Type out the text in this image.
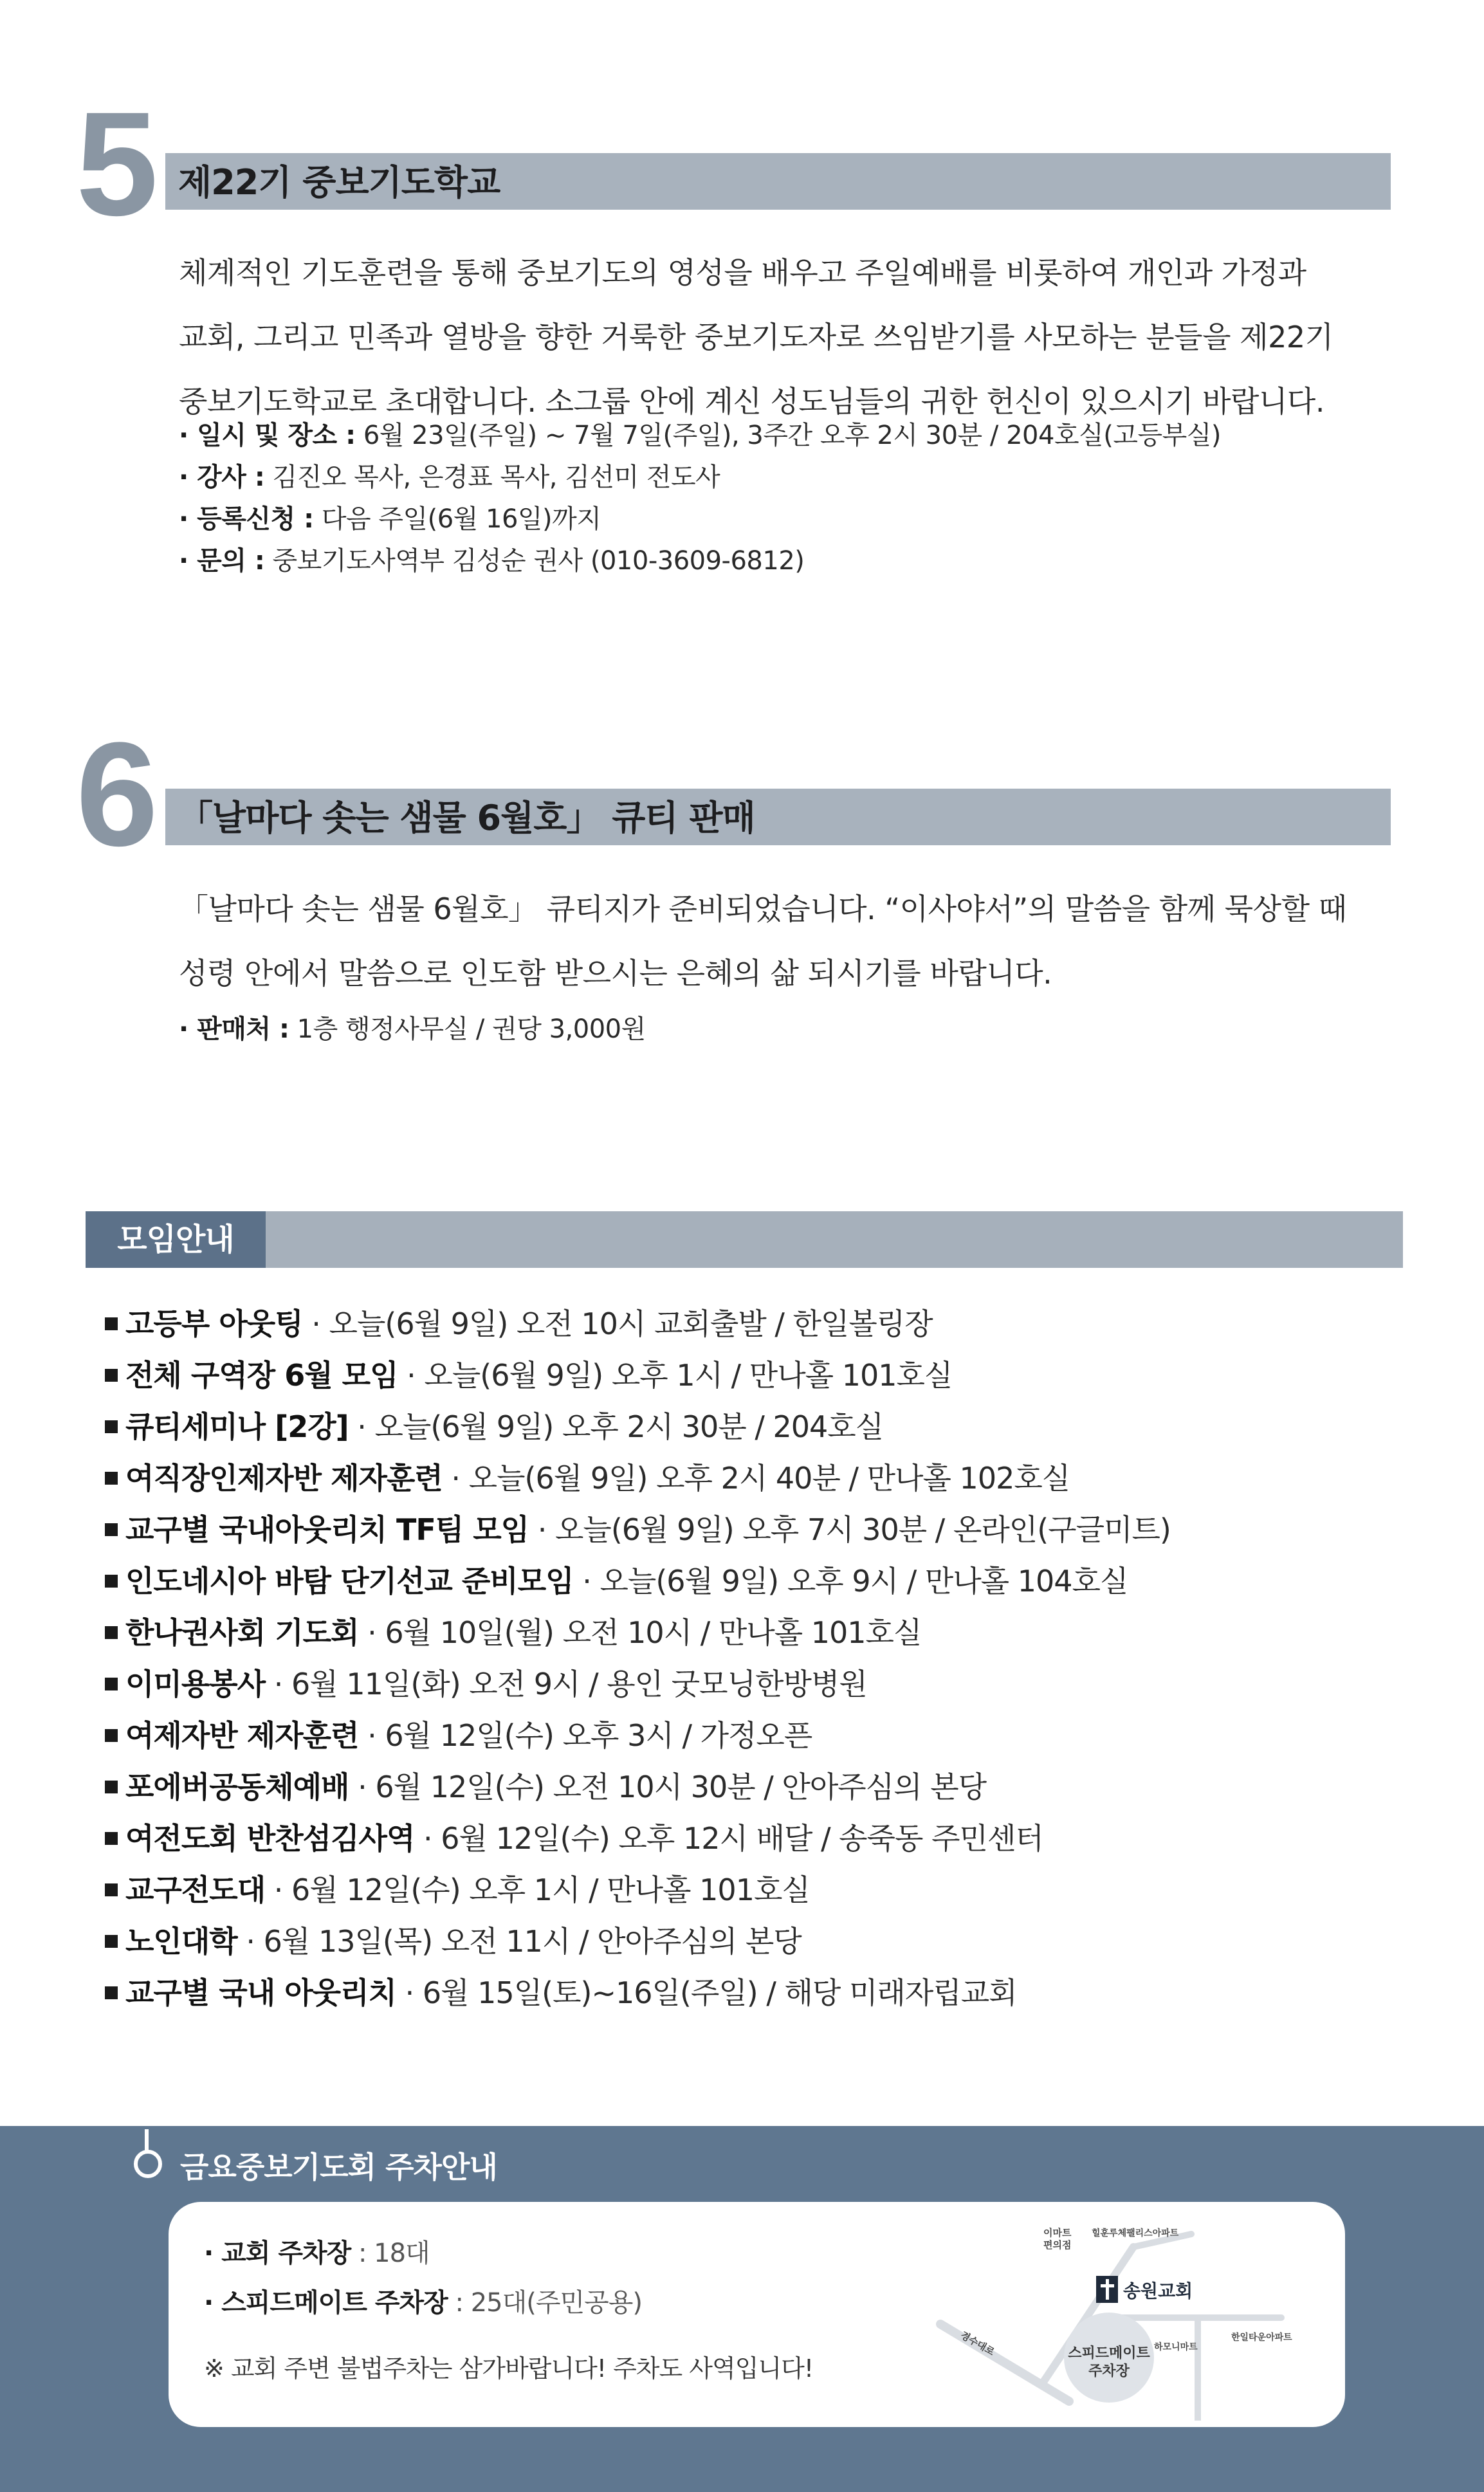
5 제22기 중보기도학교
체계적인 기도훈련을 통해 중보기도의 영성을 배우고 주일예배를 비롯하여 개인과 가정과
교회, 그리고 민족과 열방을 향한 거룩한 중보기도자로 쓰임받기를 사모하는 분들을 제22기
중보기도학교로 초대합니다. 소그룹 안에 계신 성도님들의 귀한 헌신이 있으시기 바랍니다.
· 일시 및 장소 : 6월 23일(주일) ~ 7월 7일(주일), 3주간 오후 2시 30분 / 204호실(고등부실)
· 강사 : 김진오 목사, 은경표 목사, 김선미 전도사
· 등록신청 : 다음 주일(6월 16일)까지
· 문의 : 중보기도사역부 김성순 권사 (010-3609-6812)
6 「날마다 솟는 샘물 6월호」 큐티 판매
「날마다 솟는 샘물 6월호」 큐티지가 준비되었습니다. “이사야서”의 말씀을 함께 묵상할 때
성령 안에서 말씀으로 인도함 받으시는 은혜의 삶 되시기를 바랍니다.
· 판매처 : 1층 행정사무실 / 권당 3,000원
모임안내
고등부 아웃팅 · 오늘(6월 9일) 오전 10시 교회출발 / 한일볼링장
전체 구역장 6월 모임 · 오늘(6월 9일) 오후 1시 / 만나홀 101호실
큐티세미나 [2강] · 오늘(6월 9일) 오후 2시 30분 / 204호실
여직장인제자반 제자훈련 · 오늘(6월 9일) 오후 2시 40분 / 만나홀 102호실
교구별 국내아웃리치 TF팀 모임 · 오늘(6월 9일) 오후 7시 30분 / 온라인(구글미트)
인도네시아 바탐 단기선교 준비모임 · 오늘(6월 9일) 오후 9시 / 만나홀 104호실
한나권사회 기도회 · 6월 10일(월) 오전 10시 / 만나홀 101호실
이미용봉사 · 6월 11일(화) 오전 9시 / 용인 굿모닝한방병원
여제자반 제자훈련 · 6월 12일(수) 오후 3시 / 가정오픈
포에버공동체예배 · 6월 12일(수) 오전 10시 30분 / 안아주심의 본당
여전도회 반찬섬김사역 · 6월 12일(수) 오후 12시 배달 / 송죽동 주민센터
교구전도대 · 6월 12일(수) 오후 1시 / 만나홀 101호실
노인대학 · 6월 13일(목) 오전 11시 / 안아주심의 본당
교구별 국내 아웃리치 · 6월 15일(토)~16일(주일) / 해당 미래자립교회
금요중보기도회 주차안내
· 교회 주차장 : 18대
· 스피드메이트 주차장 : 25대(주민공용)
※ 교회 주변 불법주차는 삼가바랍니다! 주차도 사역입니다!
이마트
편의점
힐훈루체팰리스아파트
송원교회
경수대로	스피드메이트
주차장
하모니마트
한일타운아파트
